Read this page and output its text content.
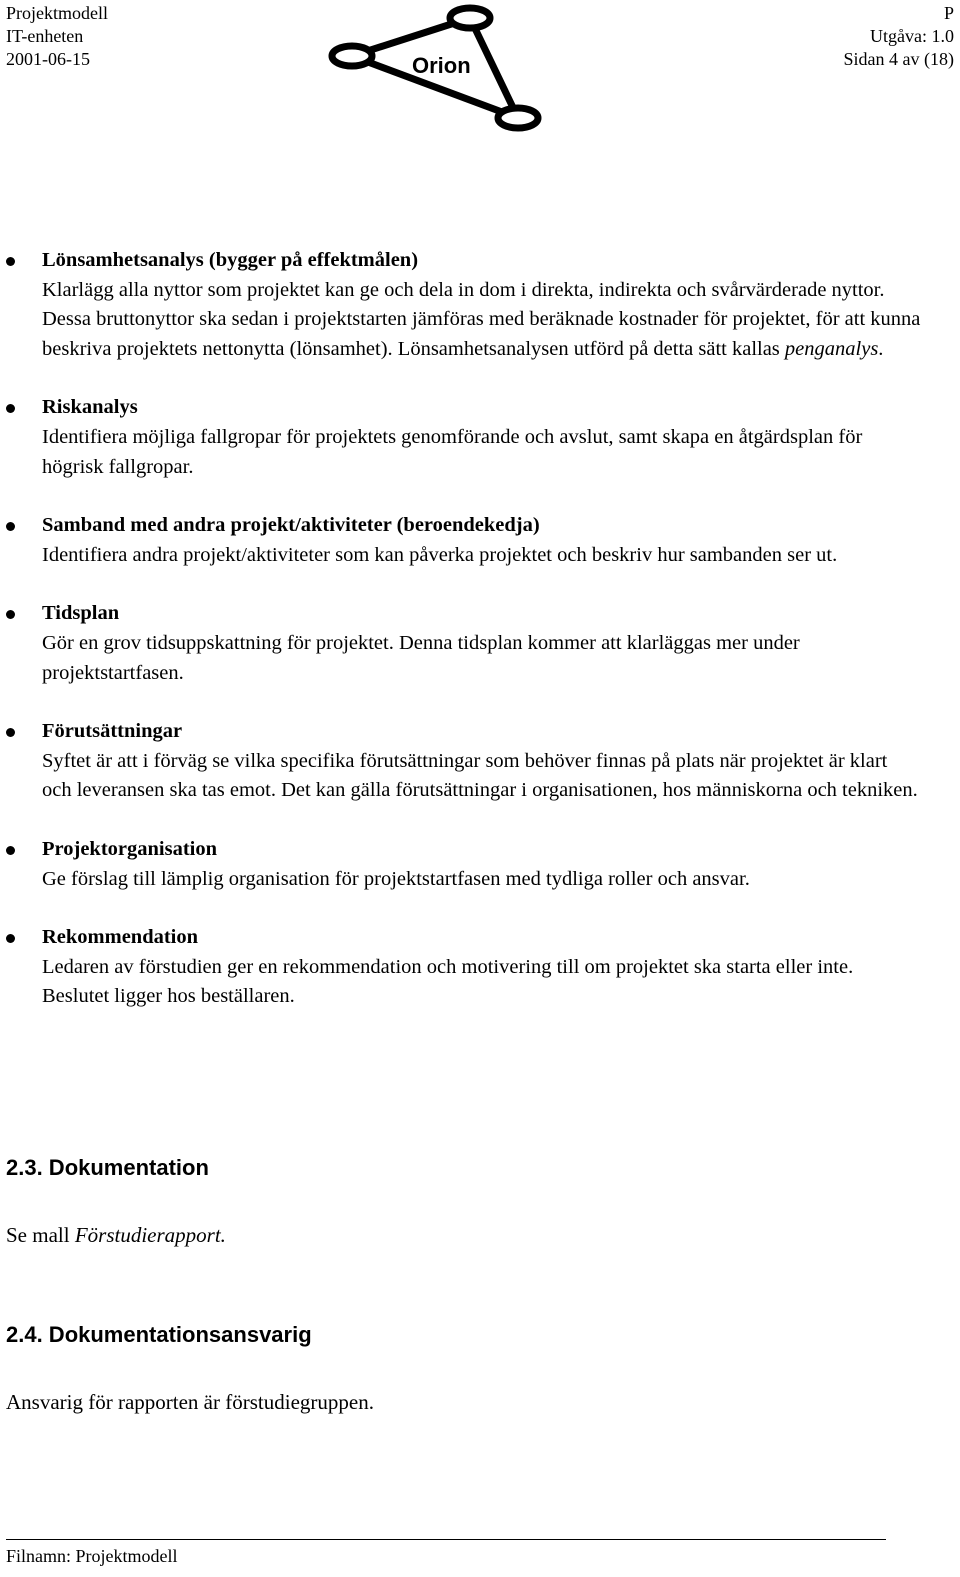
Projektmodell
IT-enheten
2001-06-15	Orion
P
Utgåva: 1.0
Sidan 4 av (18)
Lönsamhetsanalys (bygger på effektmålen)
Klarlägg alla nyttor som projektet kan ge och dela in dom i direkta, indirekta och svårvärderade nyttor. Dessa bruttonyttor ska sedan i projektstarten jämföras med beräknade kostnader för projektet, för att kunna beskriva projektets nettonytta (lönsamhet). Lönsamhetsanalysen utförd på detta sätt kallas penganalys.
Riskanalys
Identifiera möjliga fallgropar för projektets genomförande och avslut, samt skapa en åtgärdsplan för högrisk fallgropar.
Samband med andra projekt/aktiviteter (beroendekedja)
Identifiera andra projekt/aktiviteter som kan påverka projektet och beskriv hur sambanden ser ut.
Tidsplan
Gör en grov tidsuppskattning för projektet. Denna tidsplan kommer att klarläggas mer under projektstartfasen.
Förutsättningar
Syftet är att i förväg se vilka specifika förutsättningar som behöver finnas på plats när projektet är klart och leveransen ska tas emot. Det kan gälla förutsättningar i organisationen, hos människorna och tekniken.
Projektorganisation
Ge förslag till lämplig organisation för projektstartfasen med tydliga roller och ansvar.
Rekommendation
Ledaren av förstudien ger en rekommendation och motivering till om projektet ska starta eller inte. Beslutet ligger hos beställaren.
2.3. Dokumentation
Se mall Förstudierapport.
2.4. Dokumentationsansvarig
Ansvarig för rapporten är förstudiegruppen.
Filnamn: Projektmodell
